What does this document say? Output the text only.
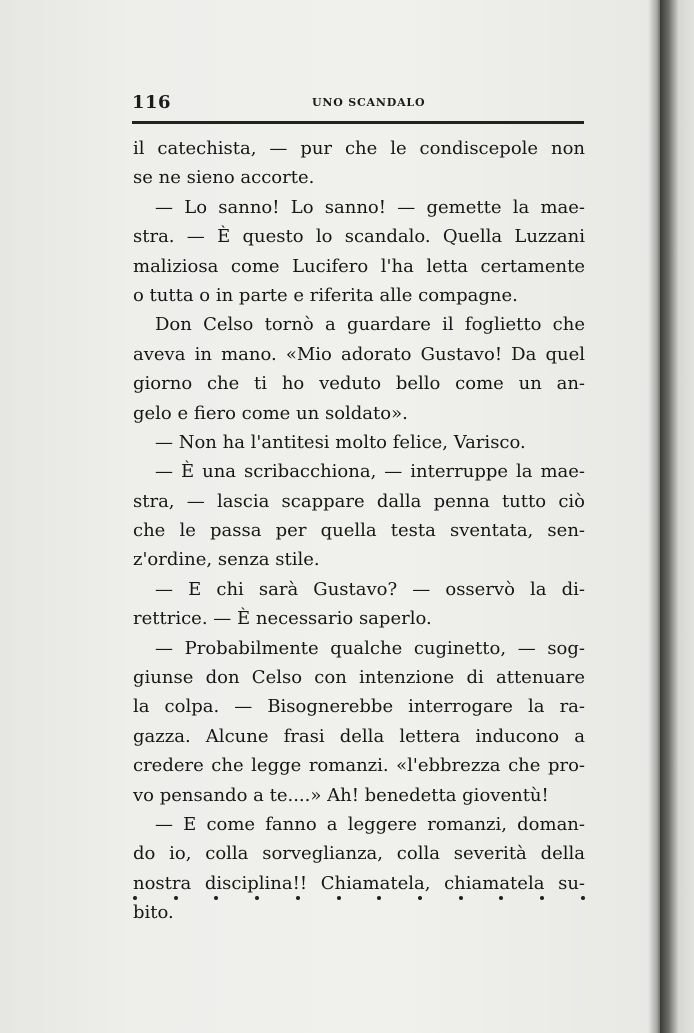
116	UNO SCANDALO
il catechista, — pur che le condiscepole non
se ne sieno accorte.
— Lo sanno! Lo sanno! — gemette la mae-
stra. — È questo lo scandalo. Quella Luzzani
maliziosa come Lucifero l'ha letta certamente
o tutta o in parte e riferita alle compagne.
Don Celso tornò a guardare il foglietto che
aveva in mano. «Mio adorato Gustavo! Da quel
giorno che ti ho veduto bello come un an-
gelo e fiero come un soldato».
— Non ha l'antitesi molto felice, Varisco.
— È una scribacchiona, — interruppe la mae-
stra, — lascia scappare dalla penna tutto ciò
che le passa per quella testa sventata, sen-
z'ordine, senza stile.
— E chi sarà Gustavo? — osservò la di-
rettrice. — È necessario saperlo.
— Probabilmente qualche cuginetto, — sog-
giunse don Celso con intenzione di attenuare
la colpa. — Bisognerebbe interrogare la ra-
gazza. Alcune frasi della lettera inducono a
credere che legge romanzi. «l'ebbrezza che pro-
vo pensando a te....» Ah! benedetta gioventù!
— E come fanno a leggere romanzi, doman-
do io, colla sorveglianza, colla severità della
nostra disciplina!! Chiamatela, chiamatela su-
bito.
